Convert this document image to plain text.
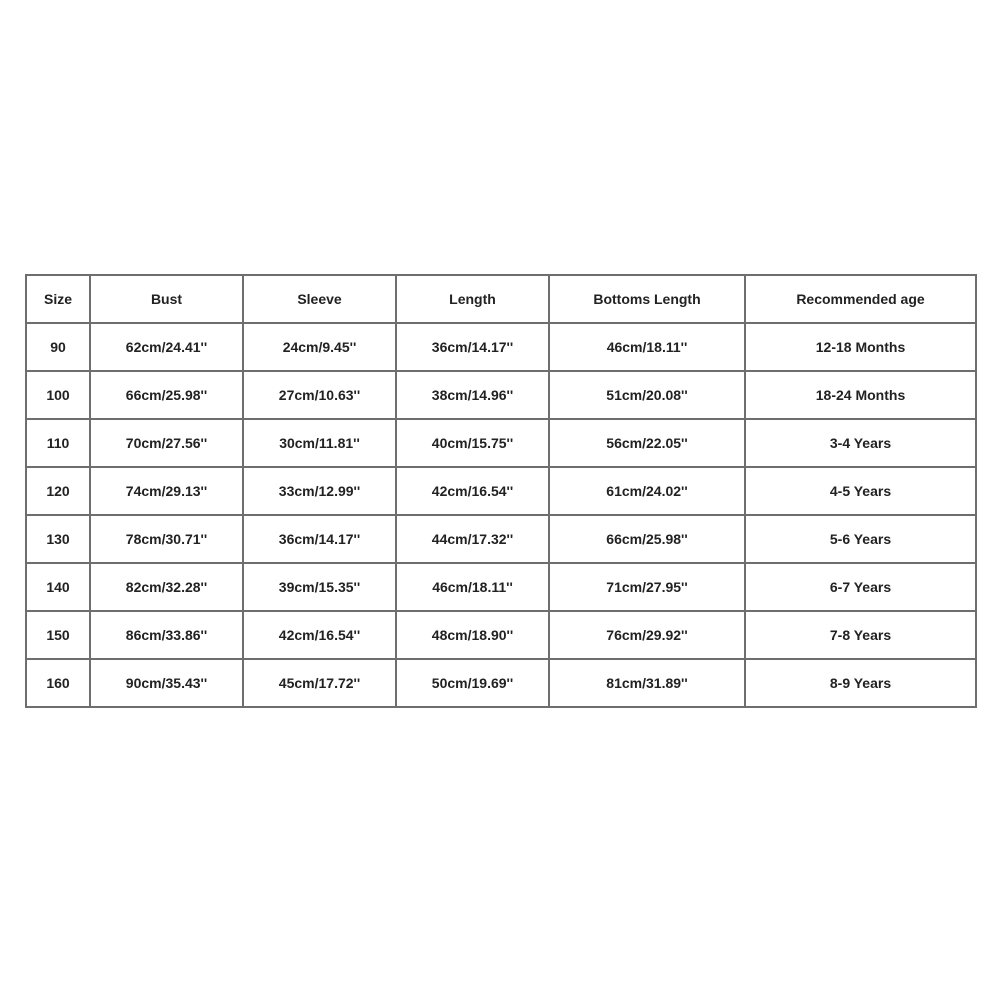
Size	Bust	Sleeve	Length	Bottoms Length	Recommended age
90	62cm/24.41''	24cm/9.45''	36cm/14.17''	46cm/18.11''	12-18 Months
100	66cm/25.98''	27cm/10.63''	38cm/14.96''	51cm/20.08''	18-24 Months
110	70cm/27.56''	30cm/11.81''	40cm/15.75''	56cm/22.05''	3-4 Years
120	74cm/29.13''	33cm/12.99''	42cm/16.54''	61cm/24.02''	4-5 Years
130	78cm/30.71''	36cm/14.17''	44cm/17.32''	66cm/25.98''	5-6 Years
140	82cm/32.28''	39cm/15.35''	46cm/18.11''	71cm/27.95''	6-7 Years
150	86cm/33.86''	42cm/16.54''	48cm/18.90''	76cm/29.92''	7-8 Years
160	90cm/35.43''	45cm/17.72''	50cm/19.69''	81cm/31.89''	8-9 Years
